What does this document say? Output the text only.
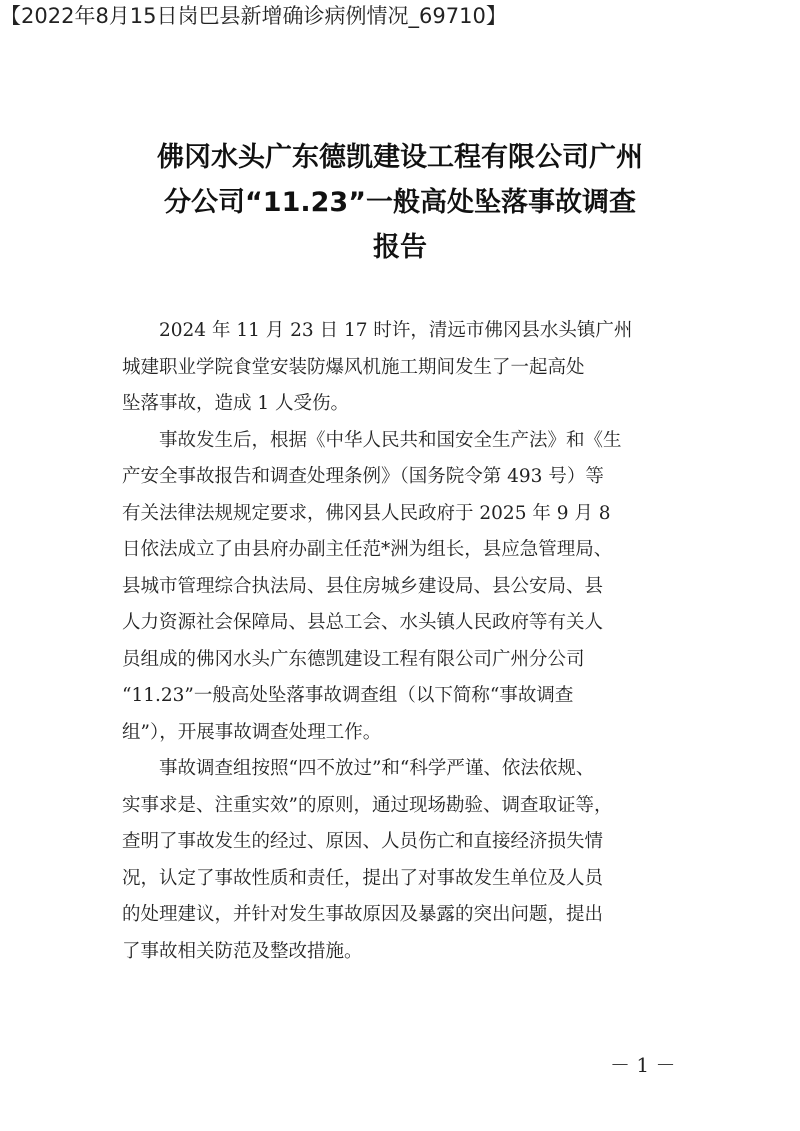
【2022年8月15日岗巴县新增确诊病例情况_69710】
佛冈水头广东德凯建设工程有限公司广州
分公司“11.23”一般高处坠落事故调查
报告

　　2024 年 11 月 23 日 17 时许，清远市佛冈县水头镇广州

城建职业学院食堂安装防爆风机施工期间发生了一起高处

坠落事故，造成 1 人受伤。

　　事故发生后，根据《中华人民共和国安全生产法》和《生

产安全事故报告和调查处理条例》（国务院令第 493 号）等

有关法律法规规定要求，佛冈县人民政府于 2025 年 9 月 8

日依法成立了由县府办副主任范*洲为组长，县应急管理局、

县城市管理综合执法局、县住房城乡建设局、县公安局、县

人力资源社会保障局、县总工会、水头镇人民政府等有关人

员组成的佛冈水头广东德凯建设工程有限公司广州分公司

“11.23”一般高处坠落事故调查组（以下简称“事故调查

组”），开展事故调查处理工作。

　　事故调查组按照“四不放过”和“科学严谨、依法依规、

实事求是、注重实效”的原则，通过现场勘验、调查取证等，

查明了事故发生的经过、原因、人员伤亡和直接经济损失情

况，认定了事故性质和责任，提出了对事故发生单位及人员

的处理建议，并针对发生事故原因及暴露的突出问题，提出

了事故相关防范及整改措施。

－ 1 －
